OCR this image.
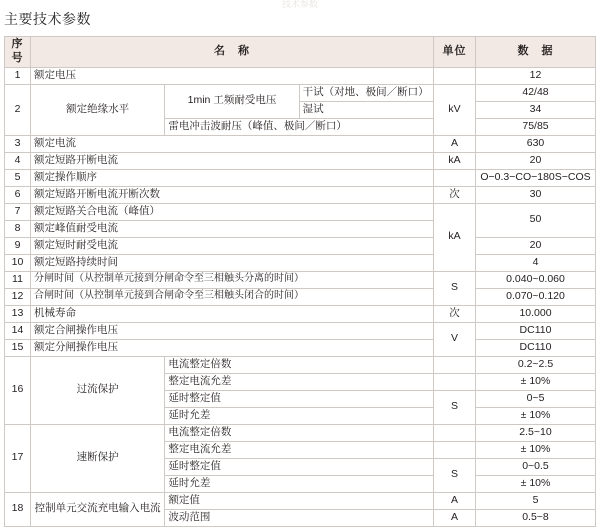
技术参数
主要技术参数
序号	名　称			单位	数　据
1	额定电压				12
2	额定绝缘水平	1min 工频耐受电压	干试（对地、极间／断口）	kV	42/48
			湿试		34
		雷电冲击波耐压（峰值、极间／断口）			75/85
3	额定电流			A	630
4	额定短路开断电流			kA	20
5	额定操作顺序				O−0.3−CO−180S−COS
6	额定短路开断电流开断次数			次	30
7	额定短路关合电流（峰值）			kA	50
8	额定峰值耐受电流				
9	额定短时耐受电流				20
10	额定短路持续时间				4
11	分闸时间（从控制单元接到分闸命令至三相触头分离的时间）			S	0.040~0.060
12	合闸时间（从控制单元接到合闸命令至三相触头闭合的时间）				0.070~0.120
13	机械寿命			次	10.000
14	额定合闸操作电压			V	DC110
15	额定分闸操作电压				DC110
16	过流保护	电流整定倍数			0.2~2.5
		整定电流允差			± 10%
		延时整定值		S	0~5
		延时允差			± 10%
17	速断保护	电流整定倍数			2.5~10
		整定电流允差			± 10%
		延时整定值		S	0~0.5
		延时允差			± 10%
18	控制单元交流充电输入电流	额定值		A	5
		波动范围		A	0.5~8
